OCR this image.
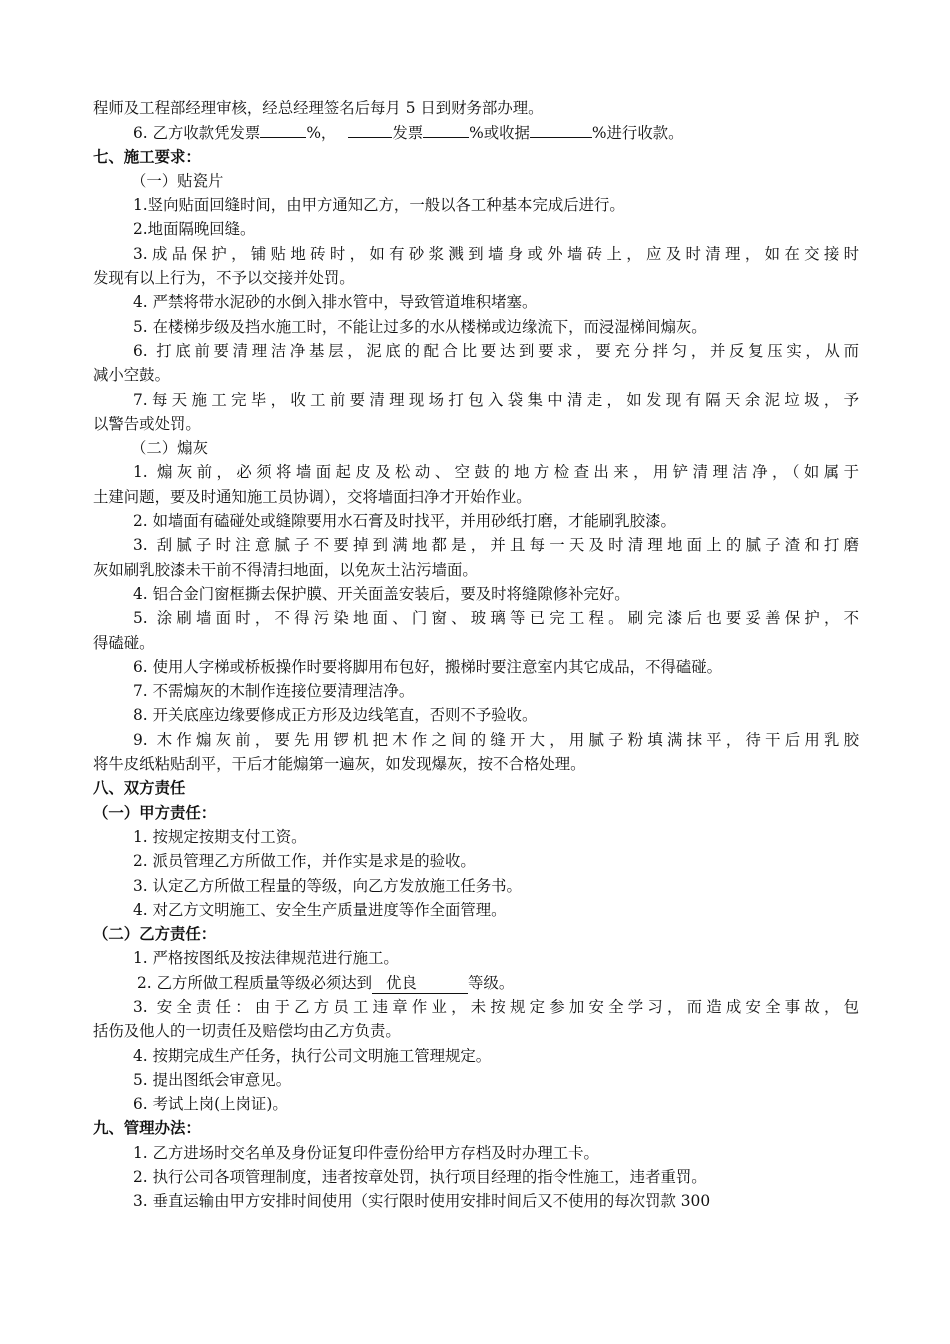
程师及工程部经理审核，经总经理签名后每月 5 日到财务部办理。
6. 乙方收款凭发票	%，	发票	%或收据	%进行收款。
七、施工要求：
（一）贴瓷片
1.竖向贴面回缝时间，由甲方通知乙方，一般以各工种基本完成后进行。
2.地面隔晚回缝。
3.成品保护，铺贴地砖时，如有砂浆溅到墙身或外墙砖上，应及时清理，如在交接时
发现有以上行为，不予以交接并处罚。
4. 严禁将带水泥砂的水倒入排水管中，导致管道堆积堵塞。
5. 在楼梯步级及挡水施工时，不能让过多的水从楼梯或边缘流下，而浸湿梯间煽灰。
6. 打底前要清理洁净基层，泥底的配合比要达到要求，要充分拌匀，并反复压实，从而
减小空鼓。
7.每天施工完毕，收工前要清理现场打包入袋集中清走，如发现有隔天余泥垃圾，予
以警告或处罚。
（二）煽灰
1. 煽灰前，必须将墙面起皮及松动、空鼓的地方检查出来，用铲清理洁净，（如属于
土建问题，要及时通知施工员协调），交将墙面扫净才开始作业。
2. 如墙面有磕碰处或缝隙要用水石膏及时找平，并用砂纸打磨，才能刷乳胶漆。
3. 刮腻子时注意腻子不要掉到满地都是，并且每一天及时清理地面上的腻子渣和打磨
灰如刷乳胶漆未干前不得清扫地面，以免灰土沾污墙面。
4. 铝合金门窗框撕去保护膜、开关面盖安装后，要及时将缝隙修补完好。
5. 涂刷墙面时，不得污染地面、门窗、玻璃等已完工程。刷完漆后也要妥善保护，不
得磕碰。
6. 使用人字梯或桥板操作时要将脚用布包好，搬梯时要注意室内其它成品，不得磕碰。
7. 不需煽灰的木制作连接位要清理洁净。
8. 开关底座边缘要修成正方形及边线笔直，否则不予验收。
9. 木作煽灰前，要先用锣机把木作之间的缝开大，用腻子粉填满抹平，待干后用乳胶
将牛皮纸粘贴刮平，干后才能煽第一遍灰，如发现爆灰，按不合格处理。
八、双方责任
（一）甲方责任：
1. 按规定按期支付工资。
2. 派员管理乙方所做工作，并作实是求是的验收。
3. 认定乙方所做工程量的等级，向乙方发放施工任务书。
4. 对乙方文明施工、安全生产质量进度等作全面管理。
（二）乙方责任：
1. 严格按图纸及按法律规范进行施工。
2. 乙方所做工程质量等级必须达到 优良	等级。
3. 安全责任：由于乙方员工违章作业，未按规定参加安全学习，而造成安全事故，包
括伤及他人的一切责任及赔偿均由乙方负责。
4. 按期完成生产任务，执行公司文明施工管理规定。
5. 提出图纸会审意见。
6. 考试上岗(上岗证)。
九、管理办法：
1. 乙方进场时交名单及身份证复印件壹份给甲方存档及时办理工卡。
2. 执行公司各项管理制度，违者按章处罚，执行项目经理的指令性施工，违者重罚。
3. 垂直运输由甲方安排时间使用（实行限时使用安排时间后又不使用的每次罚款 300
